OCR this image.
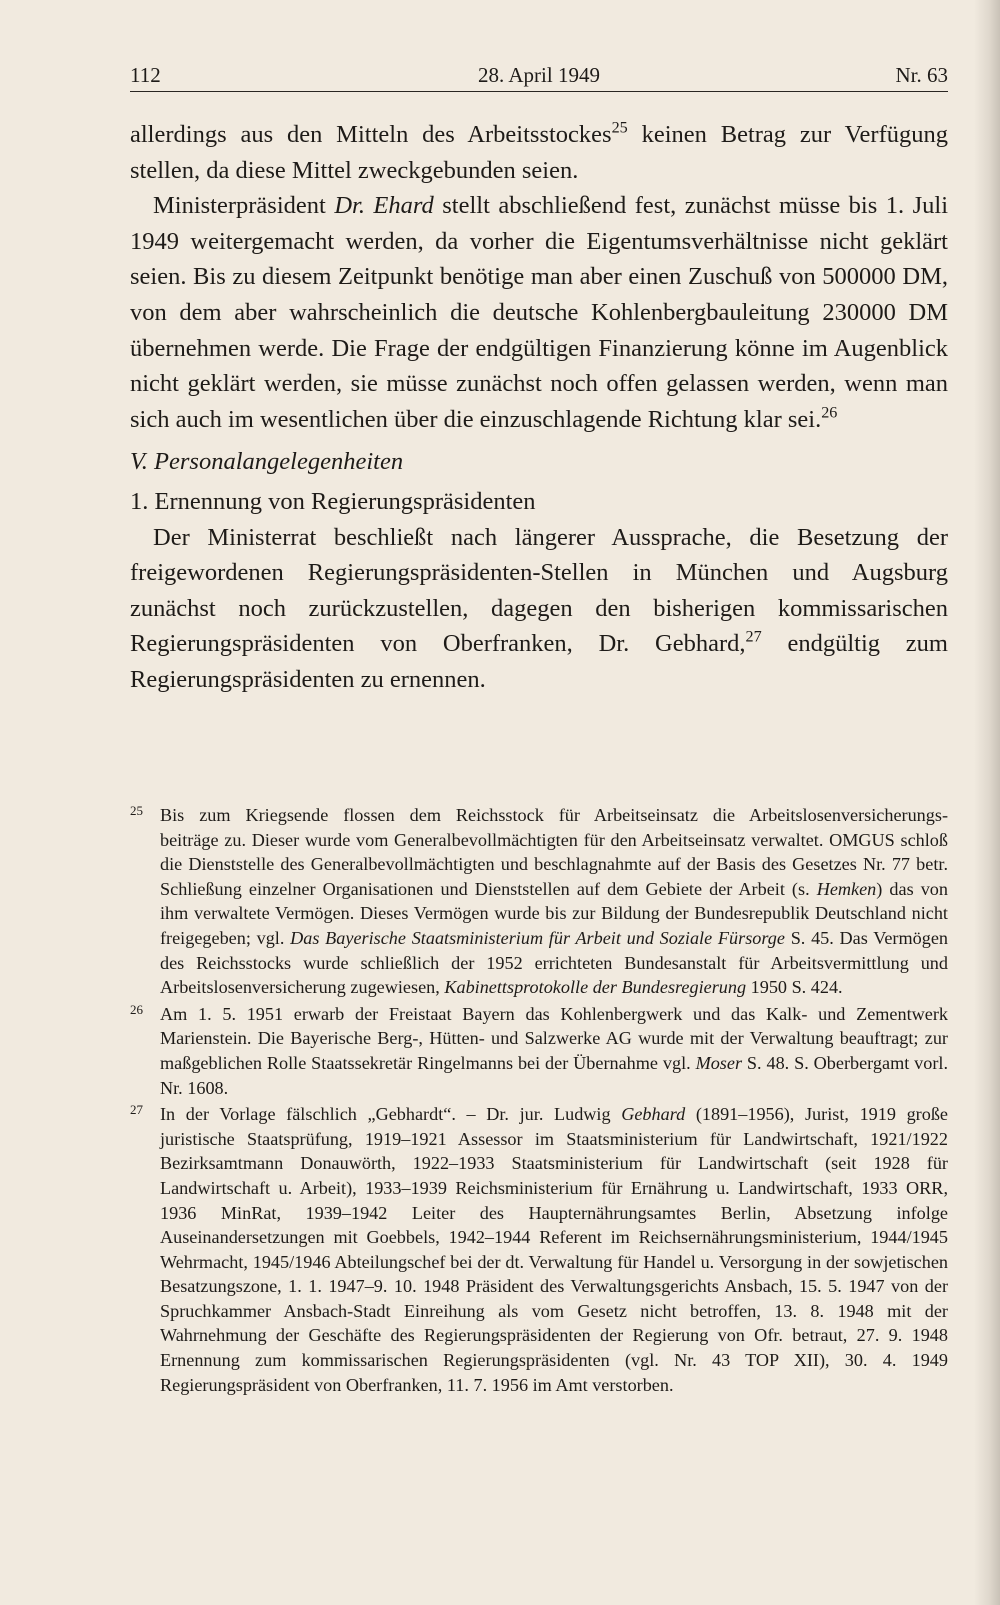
112	28. April 1949	Nr. 63

allerdings aus den Mitteln des Arbeitsstockes$^{25}$ keinen Betrag zur Verfügung stellen, da diese Mittel zweckgebunden seien.

Ministerpräsident Dr. Ehard stellt abschließend fest, zunächst müsse bis 1. Juli 1949 weitergemacht werden, da vorher die Eigentumsverhältnisse nicht geklärt seien. Bis zu diesem Zeitpunkt benötige man aber einen Zuschuß von 500000 DM, von dem aber wahrscheinlich die deutsche Kohlenbergbauleitung 230000 DM übernehmen werde. Die Frage der endgültigen Finanzierung könne im Augenblick nicht geklärt werden, sie müsse zunächst noch offen gelassen werden, wenn man sich auch im wesentlichen über die einzuschlagende Richtung klar sei.$^{26}$

V. Personalangelegenheiten

1. Ernennung von Regierungspräsidenten

Der Ministerrat beschließt nach längerer Aussprache, die Besetzung der freigewordenen Regierungspräsidenten-Stellen in München und Augsburg zunächst noch zurückzustellen, dagegen den bisherigen kommissarischen Regierungspräsidenten von Oberfranken, Dr. Gebhard,$^{27}$ endgültig zum Regierungspräsidenten zu ernennen.

25 Bis zum Kriegsende flossen dem Reichsstock für Arbeitseinsatz die Arbeitslosenversicherungs-
beiträge zu. Dieser wurde vom Generalbevollmächtigten für den Arbeitseinsatz verwaltet. OMGUS schloß die Dienststelle des Generalbevollmächtigten und beschlagnahmte auf der Basis des Gesetzes Nr. 77 betr. Schließung einzelner Organisationen und Dienststellen auf dem Gebiete der Arbeit (s. Hemken) das von ihm verwaltete Vermögen. Dieses Vermögen wurde bis zur Bildung der Bundesrepublik Deutschland nicht freigegeben; vgl. Das Bayerische Staatsministerium für Arbeit und Soziale Fürsorge S. 45. Das Vermögen des Reichsstocks wurde schließlich der 1952 errichteten Bundesanstalt für Arbeitsvermittlung und Arbeitslosenversicherung zugewiesen, Kabinettsprotokolle der Bundesregierung 1950 S. 424.
26 Am 1. 5. 1951 erwarb der Freistaat Bayern das Kohlenbergwerk und das Kalk- und Zementwerk Marienstein. Die Bayerische Berg-, Hütten- und Salzwerke AG wurde mit der Verwaltung beauftragt; zur maßgeblichen Rolle Staatssekretär Ringelmanns bei der Übernahme vgl. Moser S. 48. S. Oberbergamt vorl. Nr. 1608.
27 In der Vorlage fälschlich „Gebhardt“. – Dr. jur. Ludwig Gebhard (1891–1956), Jurist, 1919 große juristische Staatsprüfung, 1919–1921 Assessor im Staatsministerium für Landwirtschaft, 1921/1922 Bezirksamtmann Donauwörth, 1922–1933 Staatsministerium für Landwirtschaft (seit 1928 für Landwirtschaft u. Arbeit), 1933–1939 Reichsministerium für Ernährung u. Landwirtschaft, 1933 ORR, 1936 MinRat, 1939–1942 Leiter des Haupternährungsamtes Berlin, Absetzung infolge Auseinandersetzungen mit Goebbels, 1942–1944 Referent im Reichsernährungsministerium, 1944/1945 Wehrmacht, 1945/1946 Abteilungschef bei der dt. Verwaltung für Handel u. Versorgung in der sowjetischen Besatzungszone, 1. 1. 1947–9. 10. 1948 Präsident des Verwaltungsgerichts Ansbach, 15. 5. 1947 von der Spruchkammer Ansbach-Stadt Einreihung als vom Gesetz nicht betroffen, 13. 8. 1948 mit der Wahrnehmung der Geschäfte des Regierungspräsidenten der Regierung von Ofr. betraut, 27. 9. 1948 Ernennung zum kommissarischen Regierungspräsidenten (vgl. Nr. 43 TOP XII), 30. 4. 1949 Regierungspräsident von Oberfranken, 11. 7. 1956 im Amt verstorben.
